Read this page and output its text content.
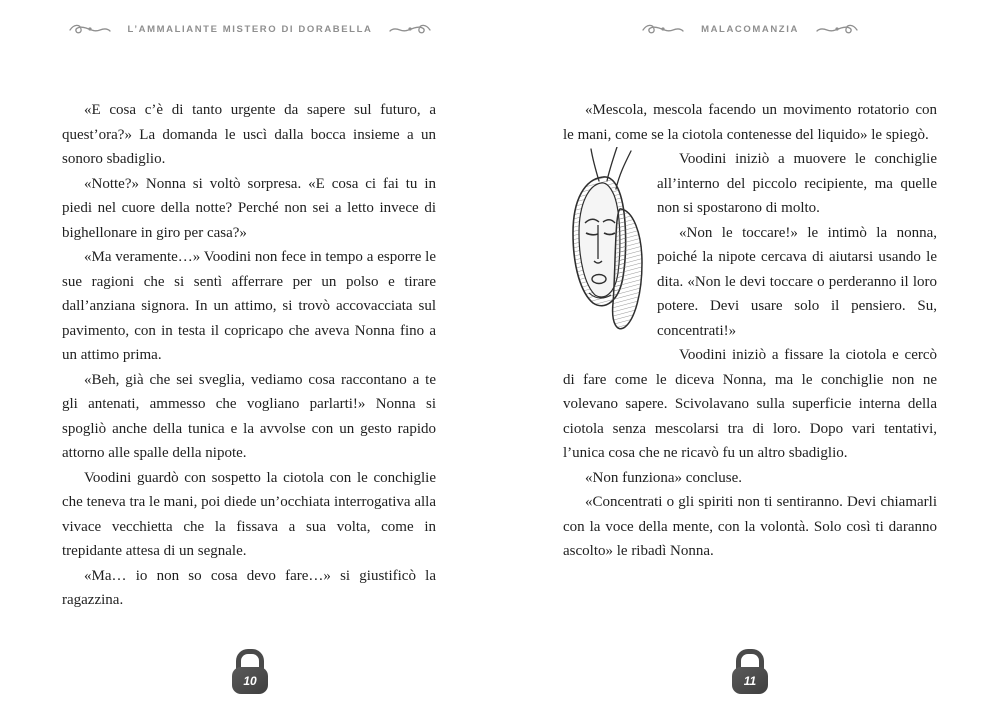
L’AMMALIANTE MISTERO DI DORABELLA

«E cosa c’è di tanto urgente da sapere sul futuro, a quest’ora?» La domanda le uscì dalla bocca insieme a un sonoro sbadiglio.

«Notte?» Nonna si voltò sorpresa. «E cosa ci fai tu in piedi nel cuore della notte? Perché non sei a letto invece di bighellonare in giro per casa?»

«Ma veramente…» Voodini non fece in tempo a esporre le sue ragioni che si sentì afferrare per un polso e tirare dall’anziana signora. In un attimo, si trovò accovacciata sul pavimento, con in testa il copricapo che aveva Nonna fino a un attimo prima.

«Beh, già che sei sveglia, vediamo cosa raccontano a te gli antenati, ammesso che vogliano parlarti!» Nonna si spogliò anche della tunica e la avvolse con un gesto rapido attorno alle spalle della nipote.

Voodini guardò con sospetto la ciotola con le conchiglie che teneva tra le mani, poi diede un’occhiata interrogativa alla vivace vecchietta che la fissava a sua volta, come in trepidante attesa di un segnale.

«Ma… io non so cosa devo fare…» si giustificò la ragazzina.

10
MALACOMANZIA

«Mescola, mescola facendo un movimento rotatorio con le mani, come se la ciotola contenesse del liquido» le spiegò.

Voodini iniziò a muovere le conchiglie all’interno del piccolo recipiente, ma quelle non si spostarono di molto.

«Non le toccare!» le intimò la nonna, poiché la nipote cercava di aiutarsi usando le dita. «Non le devi toccare o perderanno il loro potere. Devi usare solo il pensiero. Su, concentrati!»

Voodini iniziò a fissare la ciotola e cercò di fare come le diceva Nonna, ma le conchiglie non ne volevano sapere. Scivolavano sulla superficie interna della ciotola senza mescolarsi tra di loro. Dopo vari tentativi, l’unica cosa che ne ricavò fu un altro sbadiglio.

«Non funziona» concluse.

«Concentrati o gli spiriti non ti sentiranno. Devi chiamarli con la voce della mente, con la volontà. Solo così ti daranno ascolto» le ribadì Nonna.

11
